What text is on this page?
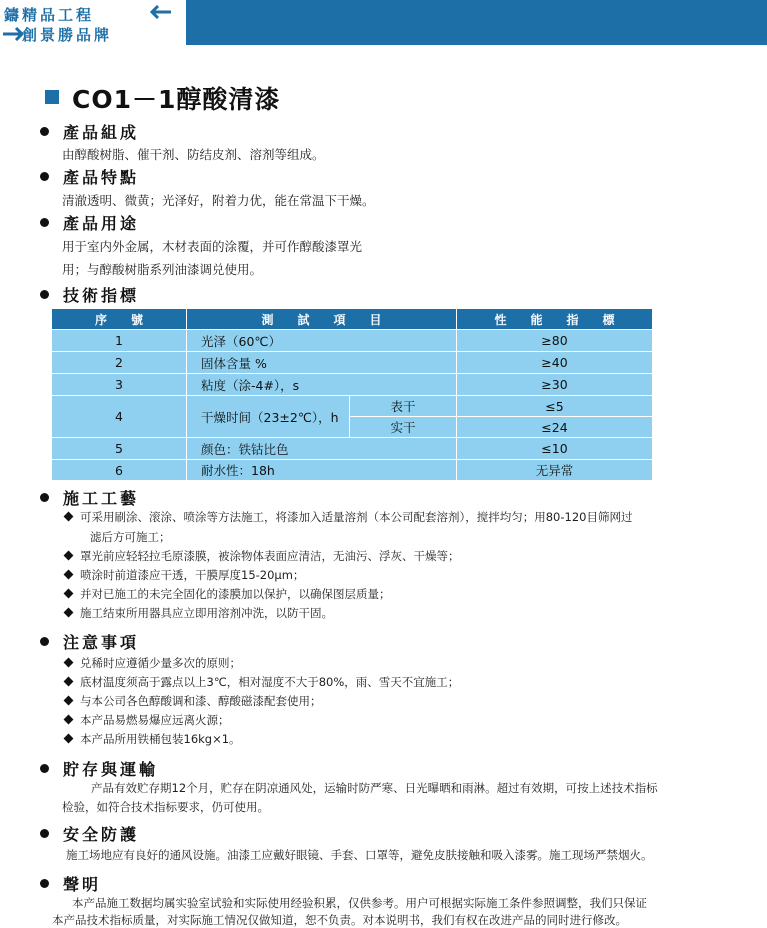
鑄精品工程
創景勝品牌
CO1－1醇酸清漆
產品組成
由醇酸树脂、催干剂、防结皮剂、溶剂等组成。
產品特點
清澈透明、微黄；光泽好，附着力优，能在常温下干燥。
產品用途
用于室内外金属，木材表面的涂覆，并可作醇酸漆罩光
用；与醇酸树脂系列油漆调兑使用。
技術指標
序　　號	測　　試　　項　　目	性　　能　　指　　標
1	光泽（60℃）	≥80
2	固体含量 %	≥40
3	粘度（涂-4#），s	≥30
4	干燥时间（23±2℃），h
表干	≤5
实干	≤24
5	颜色：铁钴比色	≤10
6	耐水性：18h	无异常
施工工藝
可采用刷涂、滚涂、喷涂等方法施工，将漆加入适量溶剂（本公司配套溶剂），搅拌均匀；用80-120目筛网过
滤后方可施工；
罩光前应轻轻拉毛原漆膜，被涂物体表面应清洁，无油污、浮灰、干燥等；
喷涂时前道漆应干透，干膜厚度15-20μm；
并对已施工的未完全固化的漆膜加以保护，以确保图层质量；
施工结束所用器具应立即用溶剂冲洗，以防干固。
注意事項
兑稀时应遵循少量多次的原则；
底材温度须高于露点以上3℃，相对湿度不大于80%，雨、雪天不宜施工；
与本公司各色醇酸调和漆、醇酸磁漆配套使用；
本产品易燃易爆应远离火源；
本产品所用铁桶包装16kg×1。
貯存與運輸
产品有效贮存期12个月，贮存在阴凉通风处，运输时防严寒、日光曝晒和雨淋。超过有效期，可按上述技术指标
检验，如符合技术指标要求，仍可使用。
安全防護
施工场地应有良好的通风设施。油漆工应戴好眼镜、手套、口罩等，避免皮肤接触和吸入漆雾。施工现场严禁烟火。
聲明
本产品施工数据均属实验室试验和实际使用经验积累，仅供参考。用户可根据实际施工条件参照调整，我们只保证
本产品技术指标质量，对实际施工情况仅做知道，恕不负责。对本说明书，我们有权在改进产品的同时进行修改。
